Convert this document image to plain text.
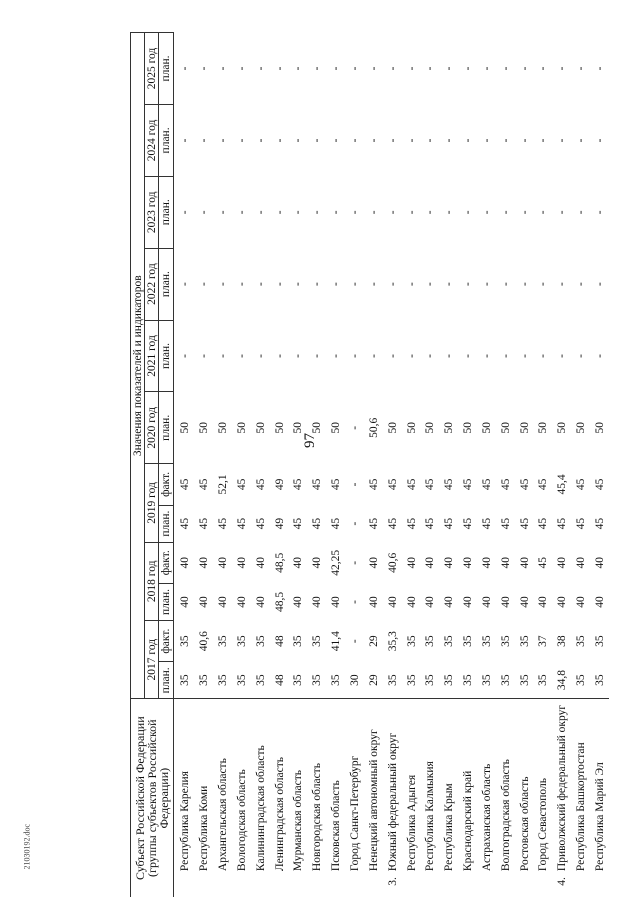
97
21030192.doc	Субъект Российской Федерации (группы субъектов Российской Федерации)		Значения показателей и индикаторов											
		2017 год		2018 год		2019 год		2020 год	2021 год	2022 год	2023 год	2024 год	2025 год
		план.	факт.	план.	факт.	план.	факт.	план.	план.	план.	план.	план.	план.
	Республика Карелия	35	35	40	40	45	45	50	-	-	-	-	-
	Республика Коми	35	40,6	40	40	45	45	50	-	-	-	-	-
	Архангельская область	35	35	40	40	45	52,1	50	-	-	-	-	-
	Вологодская область	35	35	40	40	45	45	50	-	-	-	-	-
	Калининградская область	35	35	40	40	45	45	50	-	-	-	-	-
	Ленинградская область	48	48	48,5	48,5	49	49	50	-	-	-	-	-
	Мурманская область	35	35	40	40	45	45	50	-	-	-	-	-
	Новгородская область	35	35	40	40	45	45	50	-	-	-	-	-
	Псковская область	35	41,4	40	42,25	45	45	50	-	-	-	-	-
	Город Санкт-Петербург	30	-	-	-	-	-	-	-	-	-	-	-
	Ненецкий автономный округ	29	29	40	40	45	45	50,6	-	-	-	-	-
3.	Южный федеральный округ	35	35,3	40	40,6	45	45	50	-	-	-	-	-
	Республика Адыгея	35	35	40	40	45	45	50	-	-	-	-	-
	Республика Калмыкия	35	35	40	40	45	45	50	-	-	-	-	-
	Республика Крым	35	35	40	40	45	45	50	-	-	-	-	-
	Краснодарский край	35	35	40	40	45	45	50	-	-	-	-	-
	Астраханская область	35	35	40	40	45	45	50	-	-	-	-	-
	Волгоградская область	35	35	40	40	45	45	50	-	-	-	-	-
	Ростовская область	35	35	40	40	45	45	50	-	-	-	-	-
	Город Севастополь	35	37	40	45	45	45	50	-	-	-	-	-
4.	Приволжский федеральный округ	34,8	38	40	40	45	45,4	50	-	-	-	-	-
	Республика Башкортостан	35	35	40	40	45	45	50	-	-	-	-	-
	Республика Марий Эл	35	35	40	40	45	45	50	-	-	-	-	-
